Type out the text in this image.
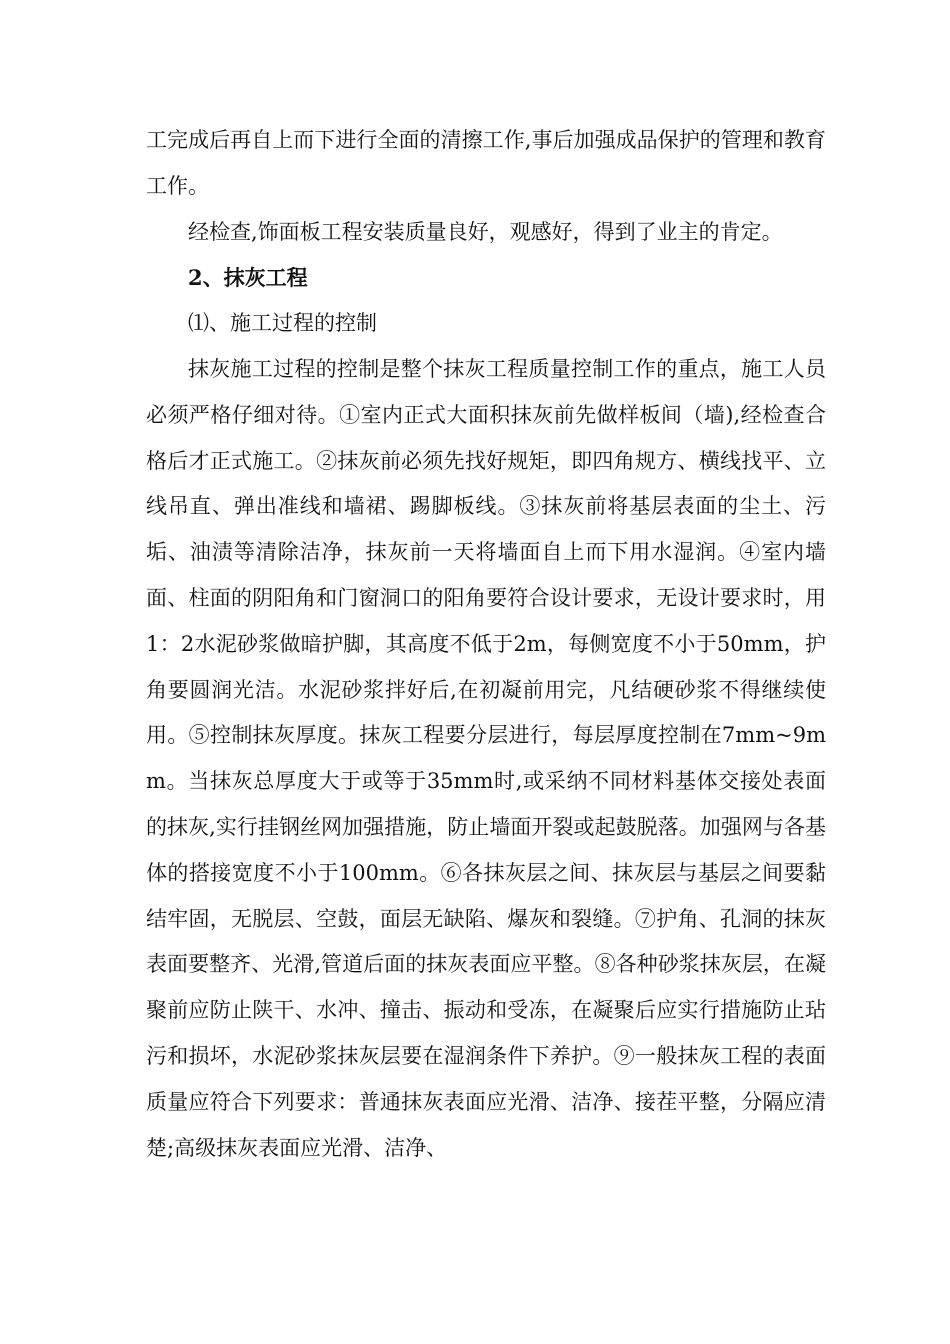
工完成后再自上而下进行全面的清擦工作,事后加强成品保护的管理和教育工作。

经检查,饰面板工程安装质量良好，观感好，得到了业主的肯定。

2、抹灰工程

⑴、施工过程的控制

抹灰施工过程的控制是整个抹灰工程质量控制工作的重点，施工人员必须严格仔细对待。①室内正式大面积抹灰前先做样板间（墙),经检查合格后才正式施工。②抹灰前必须先找好规矩，即四角规方、横线找平、立线吊直、弹出准线和墙裙、踢脚板线。③抹灰前将基层表面的尘土、污垢、油渍等清除洁净，抹灰前一天将墙面自上而下用水湿润。④室内墙面、柱面的阴阳角和门窗洞口的阳角要符合设计要求，无设计要求时，用1：2水泥砂浆做暗护脚，其高度不低于2m，每侧宽度不小于50mm，护角要圆润光洁。水泥砂浆拌好后,在初凝前用完，凡结硬砂浆不得继续使用。⑤控制抹灰厚度。抹灰工程要分层进行，每层厚度控制在7mm~9mm。当抹灰总厚度大于或等于35mm时,或采纳不同材料基体交接处表面的抹灰,实行挂钢丝网加强措施，防止墙面开裂或起鼓脱落。加强网与各基体的搭接宽度不小于100mm。⑥各抹灰层之间、抹灰层与基层之间要黏结牢固，无脱层、空鼓，面层无缺陷、爆灰和裂缝。⑦护角、孔洞的抹灰表面要整齐、光滑,管道后面的抹灰表面应平整。⑧各种砂浆抹灰层，在凝聚前应防止陕干、水冲、撞击、振动和受冻，在凝聚后应实行措施防止玷污和损坏，水泥砂浆抹灰层要在湿润条件下养护。⑨一般抹灰工程的表面质量应符合下列要求：普通抹灰表面应光滑、洁净、接茬平整，分隔应清楚;高级抹灰表面应光滑、洁净、
